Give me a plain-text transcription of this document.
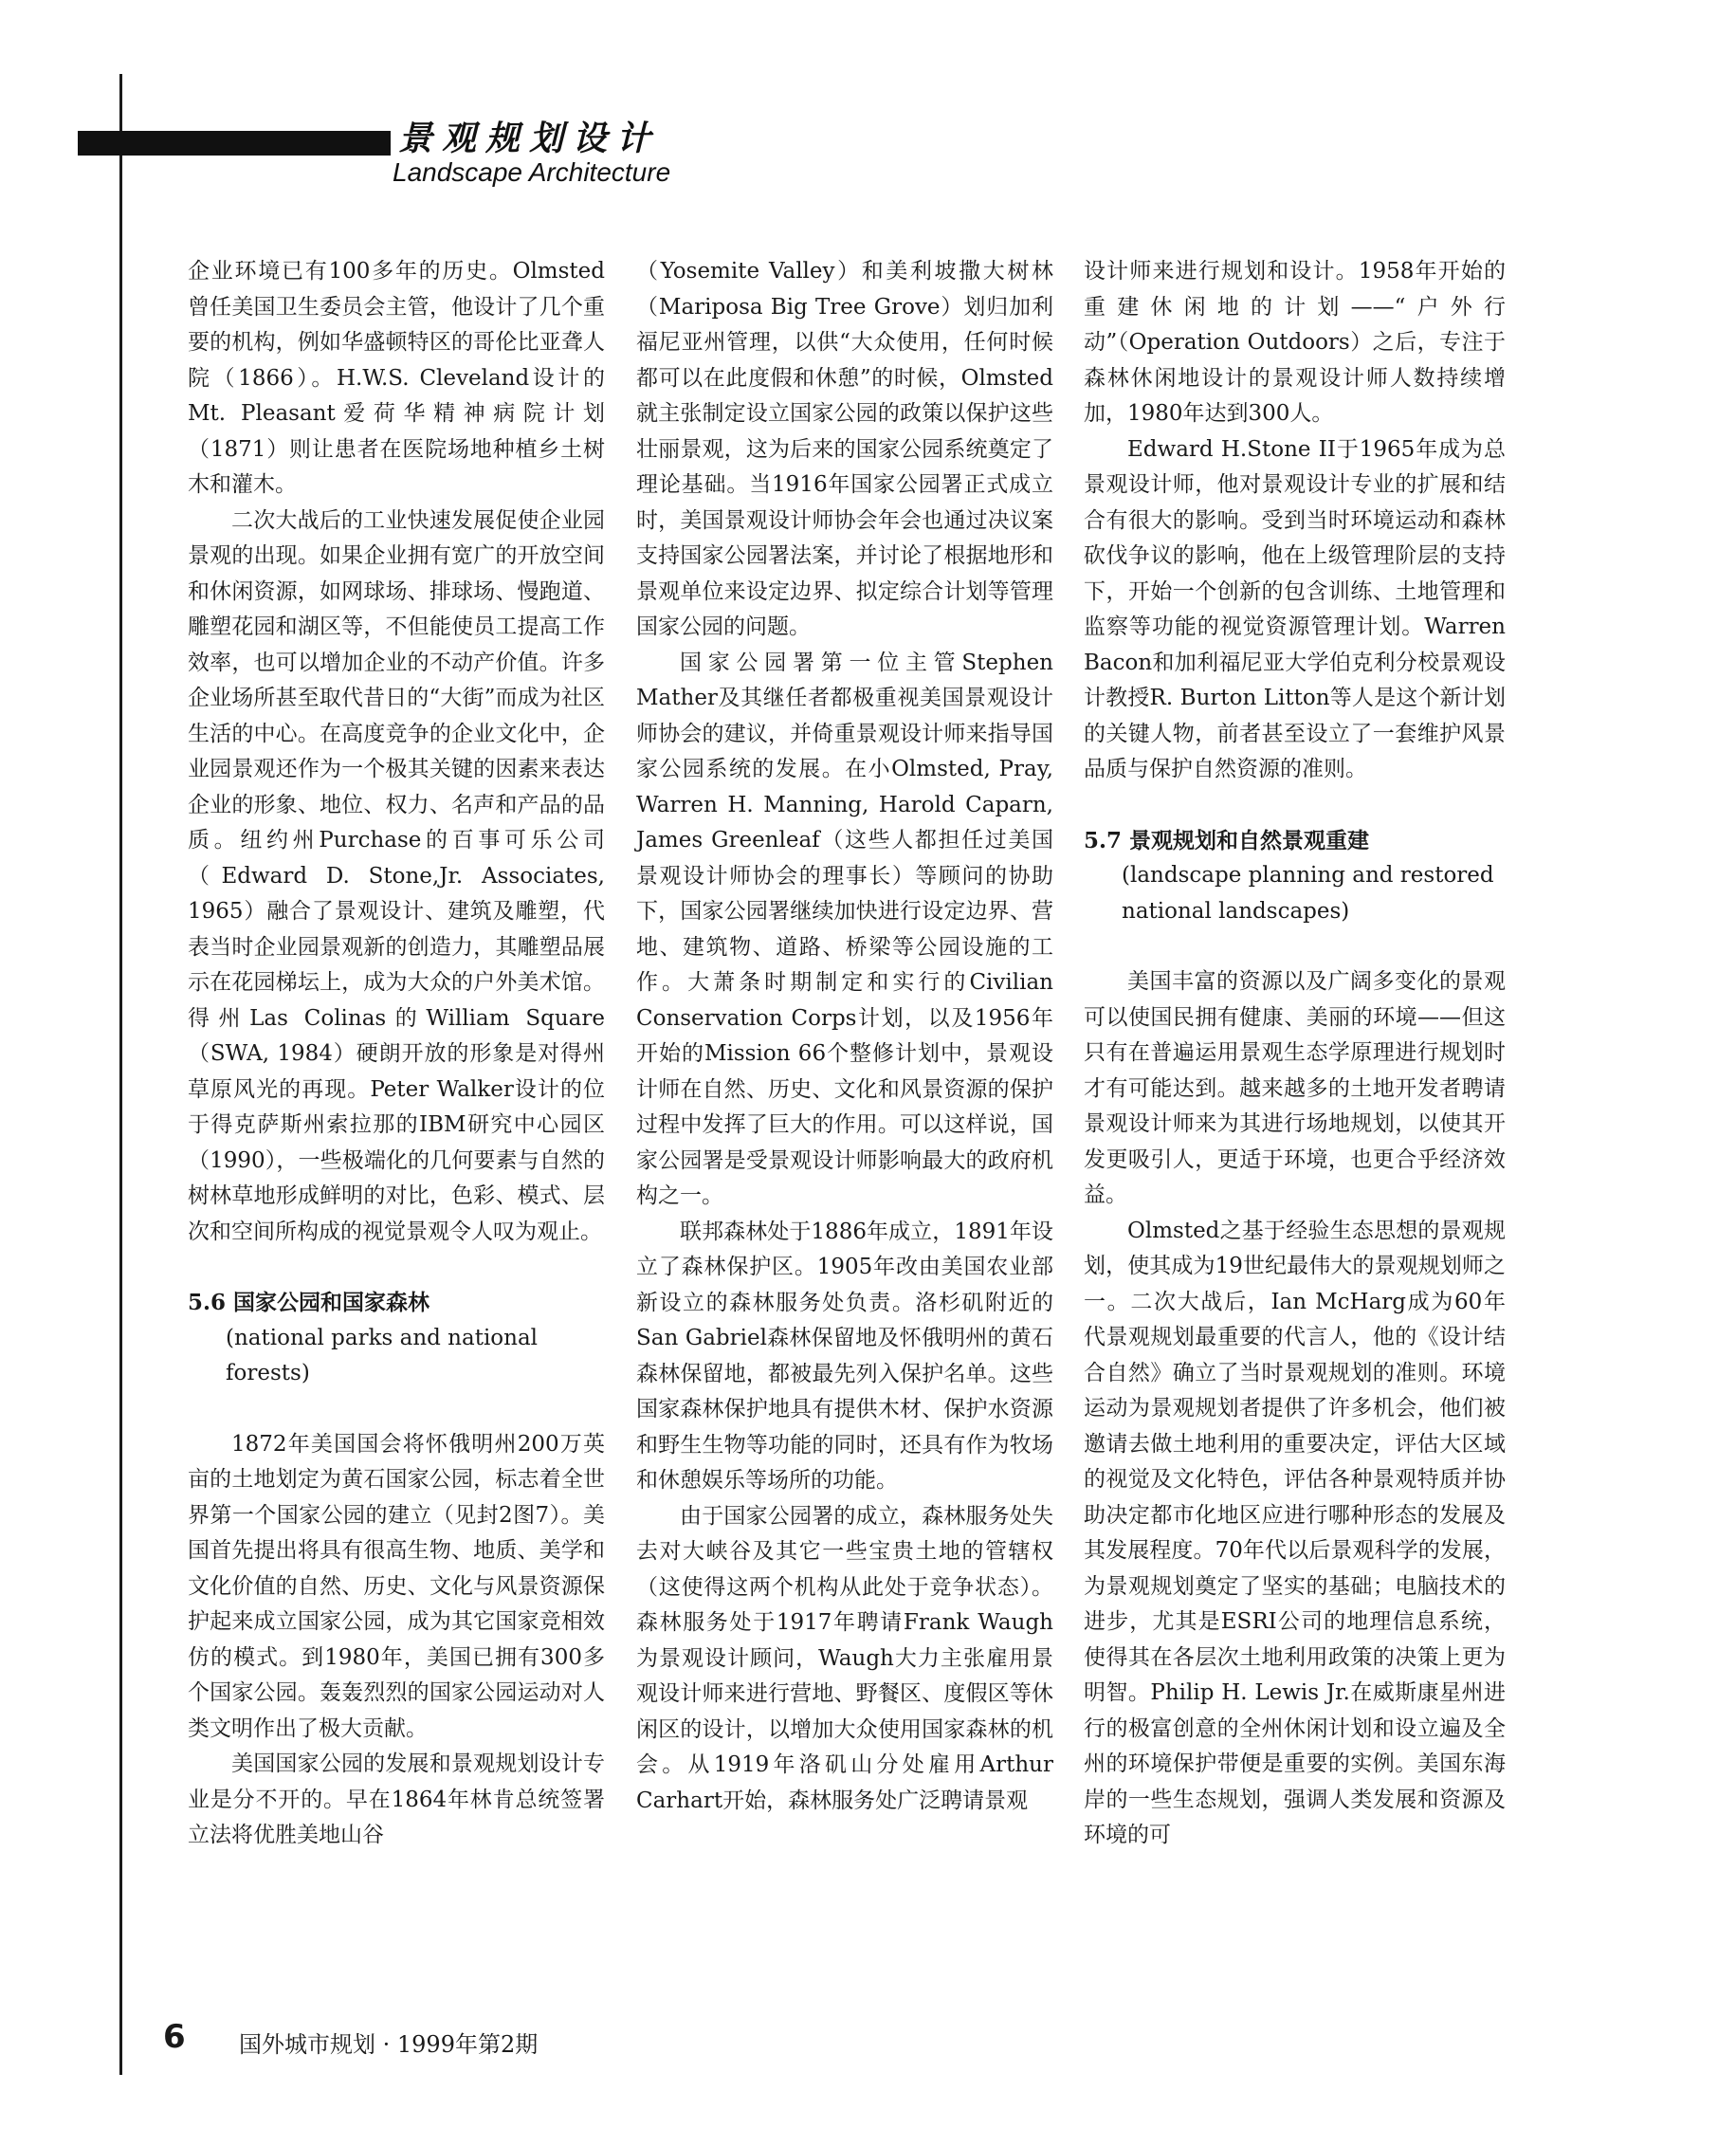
景观规划设计
Landscape Architecture

企业环境已有100多年的历史。Olmsted曾任美国卫生委员会主管，他设计了几个重要的机构，例如华盛顿特区的哥伦比亚聋人院（1866）。H.W.S. Cleveland设计的Mt. Pleasant爱荷华精神病院计划（1871）则让患者在医院场地种植乡土树木和灌木。

二次大战后的工业快速发展促使企业园景观的出现。如果企业拥有宽广的开放空间和休闲资源，如网球场、排球场、慢跑道、雕塑花园和湖区等，不但能使员工提高工作效率，也可以增加企业的不动产价值。许多企业场所甚至取代昔日的“大街”而成为社区生活的中心。在高度竞争的企业文化中，企业园景观还作为一个极其关键的因素来表达企业的形象、地位、权力、名声和产品的品质。纽约州Purchase的百事可乐公司（Edward D. Stone,Jr. Associates, 1965）融合了景观设计、建筑及雕塑，代表当时企业园景观新的创造力，其雕塑品展示在花园梯坛上，成为大众的户外美术馆。得州Las Colinas的William Square（SWA, 1984）硬朗开放的形象是对得州草原风光的再现。Peter Walker设计的位于得克萨斯州索拉那的IBM研究中心园区（1990），一些极端化的几何要素与自然的树林草地形成鲜明的对比，色彩、模式、层次和空间所构成的视觉景观令人叹为观止。

5.6 国家公园和国家森林
(national parks and national forests)

1872年美国国会将怀俄明州200万英亩的土地划定为黄石国家公园，标志着全世界第一个国家公园的建立（见封2图7）。美国首先提出将具有很高生物、地质、美学和文化价值的自然、历史、文化与风景资源保护起来成立国家公园，成为其它国家竞相效仿的模式。到1980年，美国已拥有300多个国家公园。轰轰烈烈的国家公园运动对人类文明作出了极大贡献。

美国国家公园的发展和景观规划设计专业是分不开的。早在1864年林肯总统签署立法将优胜美地山谷

（Yosemite Valley）和美利坡撒大树林（Mariposa Big Tree Grove）划归加利福尼亚州管理，以供“大众使用，任何时候都可以在此度假和休憩”的时候，Olmsted就主张制定设立国家公园的政策以保护这些壮丽景观，这为后来的国家公园系统奠定了理论基础。当1916年国家公园署正式成立时，美国景观设计师协会年会也通过决议案支持国家公园署法案，并讨论了根据地形和景观单位来设定边界、拟定综合计划等管理国家公园的问题。

国家公园署第一位主管Stephen Mather及其继任者都极重视美国景观设计师协会的建议，并倚重景观设计师来指导国家公园系统的发展。在小Olmsted, Pray, Warren H. Manning, Harold Caparn, James Greenleaf（这些人都担任过美国景观设计师协会的理事长）等顾问的协助下，国家公园署继续加快进行设定边界、营地、建筑物、道路、桥梁等公园设施的工作。大萧条时期制定和实行的Civilian Conservation Corps计划，以及1956年开始的Mission 66个整修计划中，景观设计师在自然、历史、文化和风景资源的保护过程中发挥了巨大的作用。可以这样说，国家公园署是受景观设计师影响最大的政府机构之一。

联邦森林处于1886年成立，1891年设立了森林保护区。1905年改由美国农业部新设立的森林服务处负责。洛杉矶附近的San Gabriel森林保留地及怀俄明州的黄石森林保留地，都被最先列入保护名单。这些国家森林保护地具有提供木材、保护水资源和野生生物等功能的同时，还具有作为牧场和休憩娱乐等场所的功能。

由于国家公园署的成立，森林服务处失去对大峡谷及其它一些宝贵土地的管辖权（这使得这两个机构从此处于竞争状态）。森林服务处于1917年聘请Frank Waugh为景观设计顾问，Waugh大力主张雇用景观设计师来进行营地、野餐区、度假区等休闲区的设计，以增加大众使用国家森林的机会。从1919年洛矶山分处雇用Arthur Carhart开始，森林服务处广泛聘请景观

设计师来进行规划和设计。1958年开始的重建休闲地的计划——“户外行动”（Operation Outdoors）之后，专注于森林休闲地设计的景观设计师人数持续增加，1980年达到300人。

Edward H.Stone II于1965年成为总景观设计师，他对景观设计专业的扩展和结合有很大的影响。受到当时环境运动和森林砍伐争议的影响，他在上级管理阶层的支持下，开始一个创新的包含训练、土地管理和监察等功能的视觉资源管理计划。Warren Bacon和加利福尼亚大学伯克利分校景观设计教授R. Burton Litton等人是这个新计划的关键人物，前者甚至设立了一套维护风景品质与保护自然资源的准则。

5.7 景观规划和自然景观重建
(landscape planning and restored national landscapes)

美国丰富的资源以及广阔多变化的景观可以使国民拥有健康、美丽的环境——但这只有在普遍运用景观生态学原理进行规划时才有可能达到。越来越多的土地开发者聘请景观设计师来为其进行场地规划，以使其开发更吸引人，更适于环境，也更合乎经济效益。

Olmsted之基于经验生态思想的景观规划，使其成为19世纪最伟大的景观规划师之一。二次大战后，Ian McHarg成为60年代景观规划最重要的代言人，他的《设计结合自然》确立了当时景观规划的准则。环境运动为景观规划者提供了许多机会，他们被邀请去做土地利用的重要决定，评估大区域的视觉及文化特色，评估各种景观特质并协助决定都市化地区应进行哪种形态的发展及其发展程度。70年代以后景观科学的发展，为景观规划奠定了坚实的基础；电脑技术的进步，尤其是ESRI公司的地理信息系统，使得其在各层次土地利用政策的决策上更为明智。Philip H. Lewis Jr.在威斯康星州进行的极富创意的全州休闲计划和设立遍及全州的环境保护带便是重要的实例。美国东海岸的一些生态规划，强调人类发展和资源及环境的可

6 国外城市规划 · 1999年第2期
